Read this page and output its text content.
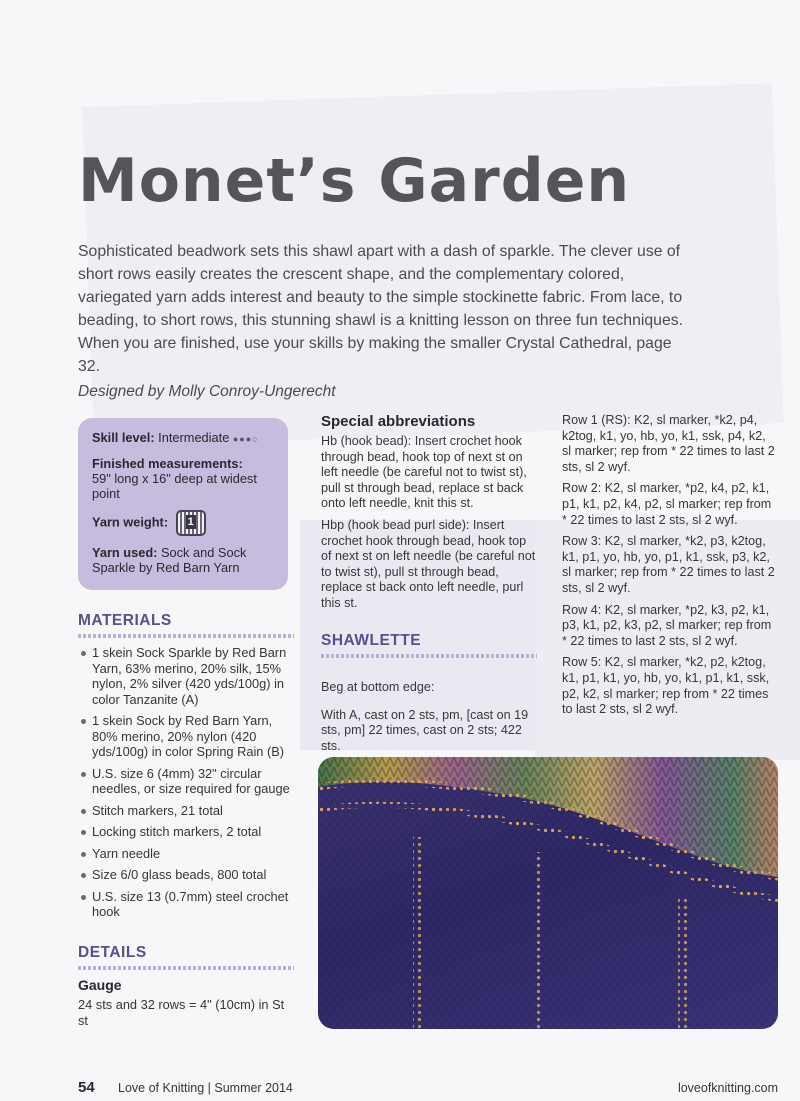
Monet’s Garden

Sophisticated beadwork sets this shawl apart with a dash of sparkle. The clever use of short rows easily creates the crescent shape, and the complementary colored, variegated yarn adds interest and beauty to the simple stockinette fabric. From lace, to beading, to short rows, this stunning shawl is a knitting lesson on three fun techniques. When you are finished, use your skills by making the smaller Crystal Cathedral, page 32.

Designed by Molly Conroy-Ungerecht
Skill level: Intermediate ●●●○
Finished measurements:
59" long x 16" deep at widest point
Yarn weight: 1
Yarn used: Sock and Sock Sparkle by Red Barn Yarn
MATERIALS
1 skein Sock Sparkle by Red Barn Yarn, 63% merino, 20% silk, 15% nylon, 2% silver (420 yds/100g) in color Tanzanite (A)
1 skein Sock by Red Barn Yarn, 80% merino, 20% nylon (420 yds/100g) in color Spring Rain (B)
U.S. size 6 (4mm) 32" circular needles, or size required for gauge
Stitch markers, 21 total
Locking stitch markers, 2 total
Yarn needle
Size 6/0 glass beads, 800 total
U.S. size 13 (0.7mm) steel crochet hook
DETAILS
Gauge
24 sts and 32 rows = 4" (10cm) in St st
Special abbreviations

Hb (hook bead): Insert crochet hook through bead, hook top of next st on left needle (be careful not to twist st), pull st through bead, replace st back onto left needle, knit this st.

Hbp (hook bead purl side): Insert crochet hook through bead, hook top of next st on left needle (be careful not to twist st), pull st through bead, replace st back onto left needle, purl this st.

SHAWLETTE

Beg at bottom edge:

With A, cast on 2 sts, pm, [cast on 19 sts, pm] 22 times, cast on 2 sts; 422 sts.

Row 1 (RS): K2, sl marker, *k2, p4, k2tog, k1, yo, hb, yo, k1, ssk, p4, k2, sl marker; rep from * 22 times to last 2 sts, sl 2 wyf.

Row 2: K2, sl marker, *p2, k4, p2, k1, p1, k1, p2, k4, p2, sl marker; rep from * 22 times to last 2 sts, sl 2 wyf.

Row 3: K2, sl marker, *k2, p3, k2tog, k1, p1, yo, hb, yo, p1, k1, ssk, p3, k2, sl marker; rep from * 22 times to last 2 sts, sl 2 wyf.

Row 4: K2, sl marker, *p2, k3, p2, k1, p3, k1, p2, k3, p2, sl marker; rep from * 22 times to last 2 sts, sl 2 wyf.

Row 5: K2, sl marker, *k2, p2, k2tog, k1, p1, k1, yo, hb, yo, k1, p1, k1, ssk, p2, k2, sl marker; rep from * 22 times to last 2 sts, sl 2 wyf.

54 Love of Knitting | Summer 2014	loveofknitting.com
